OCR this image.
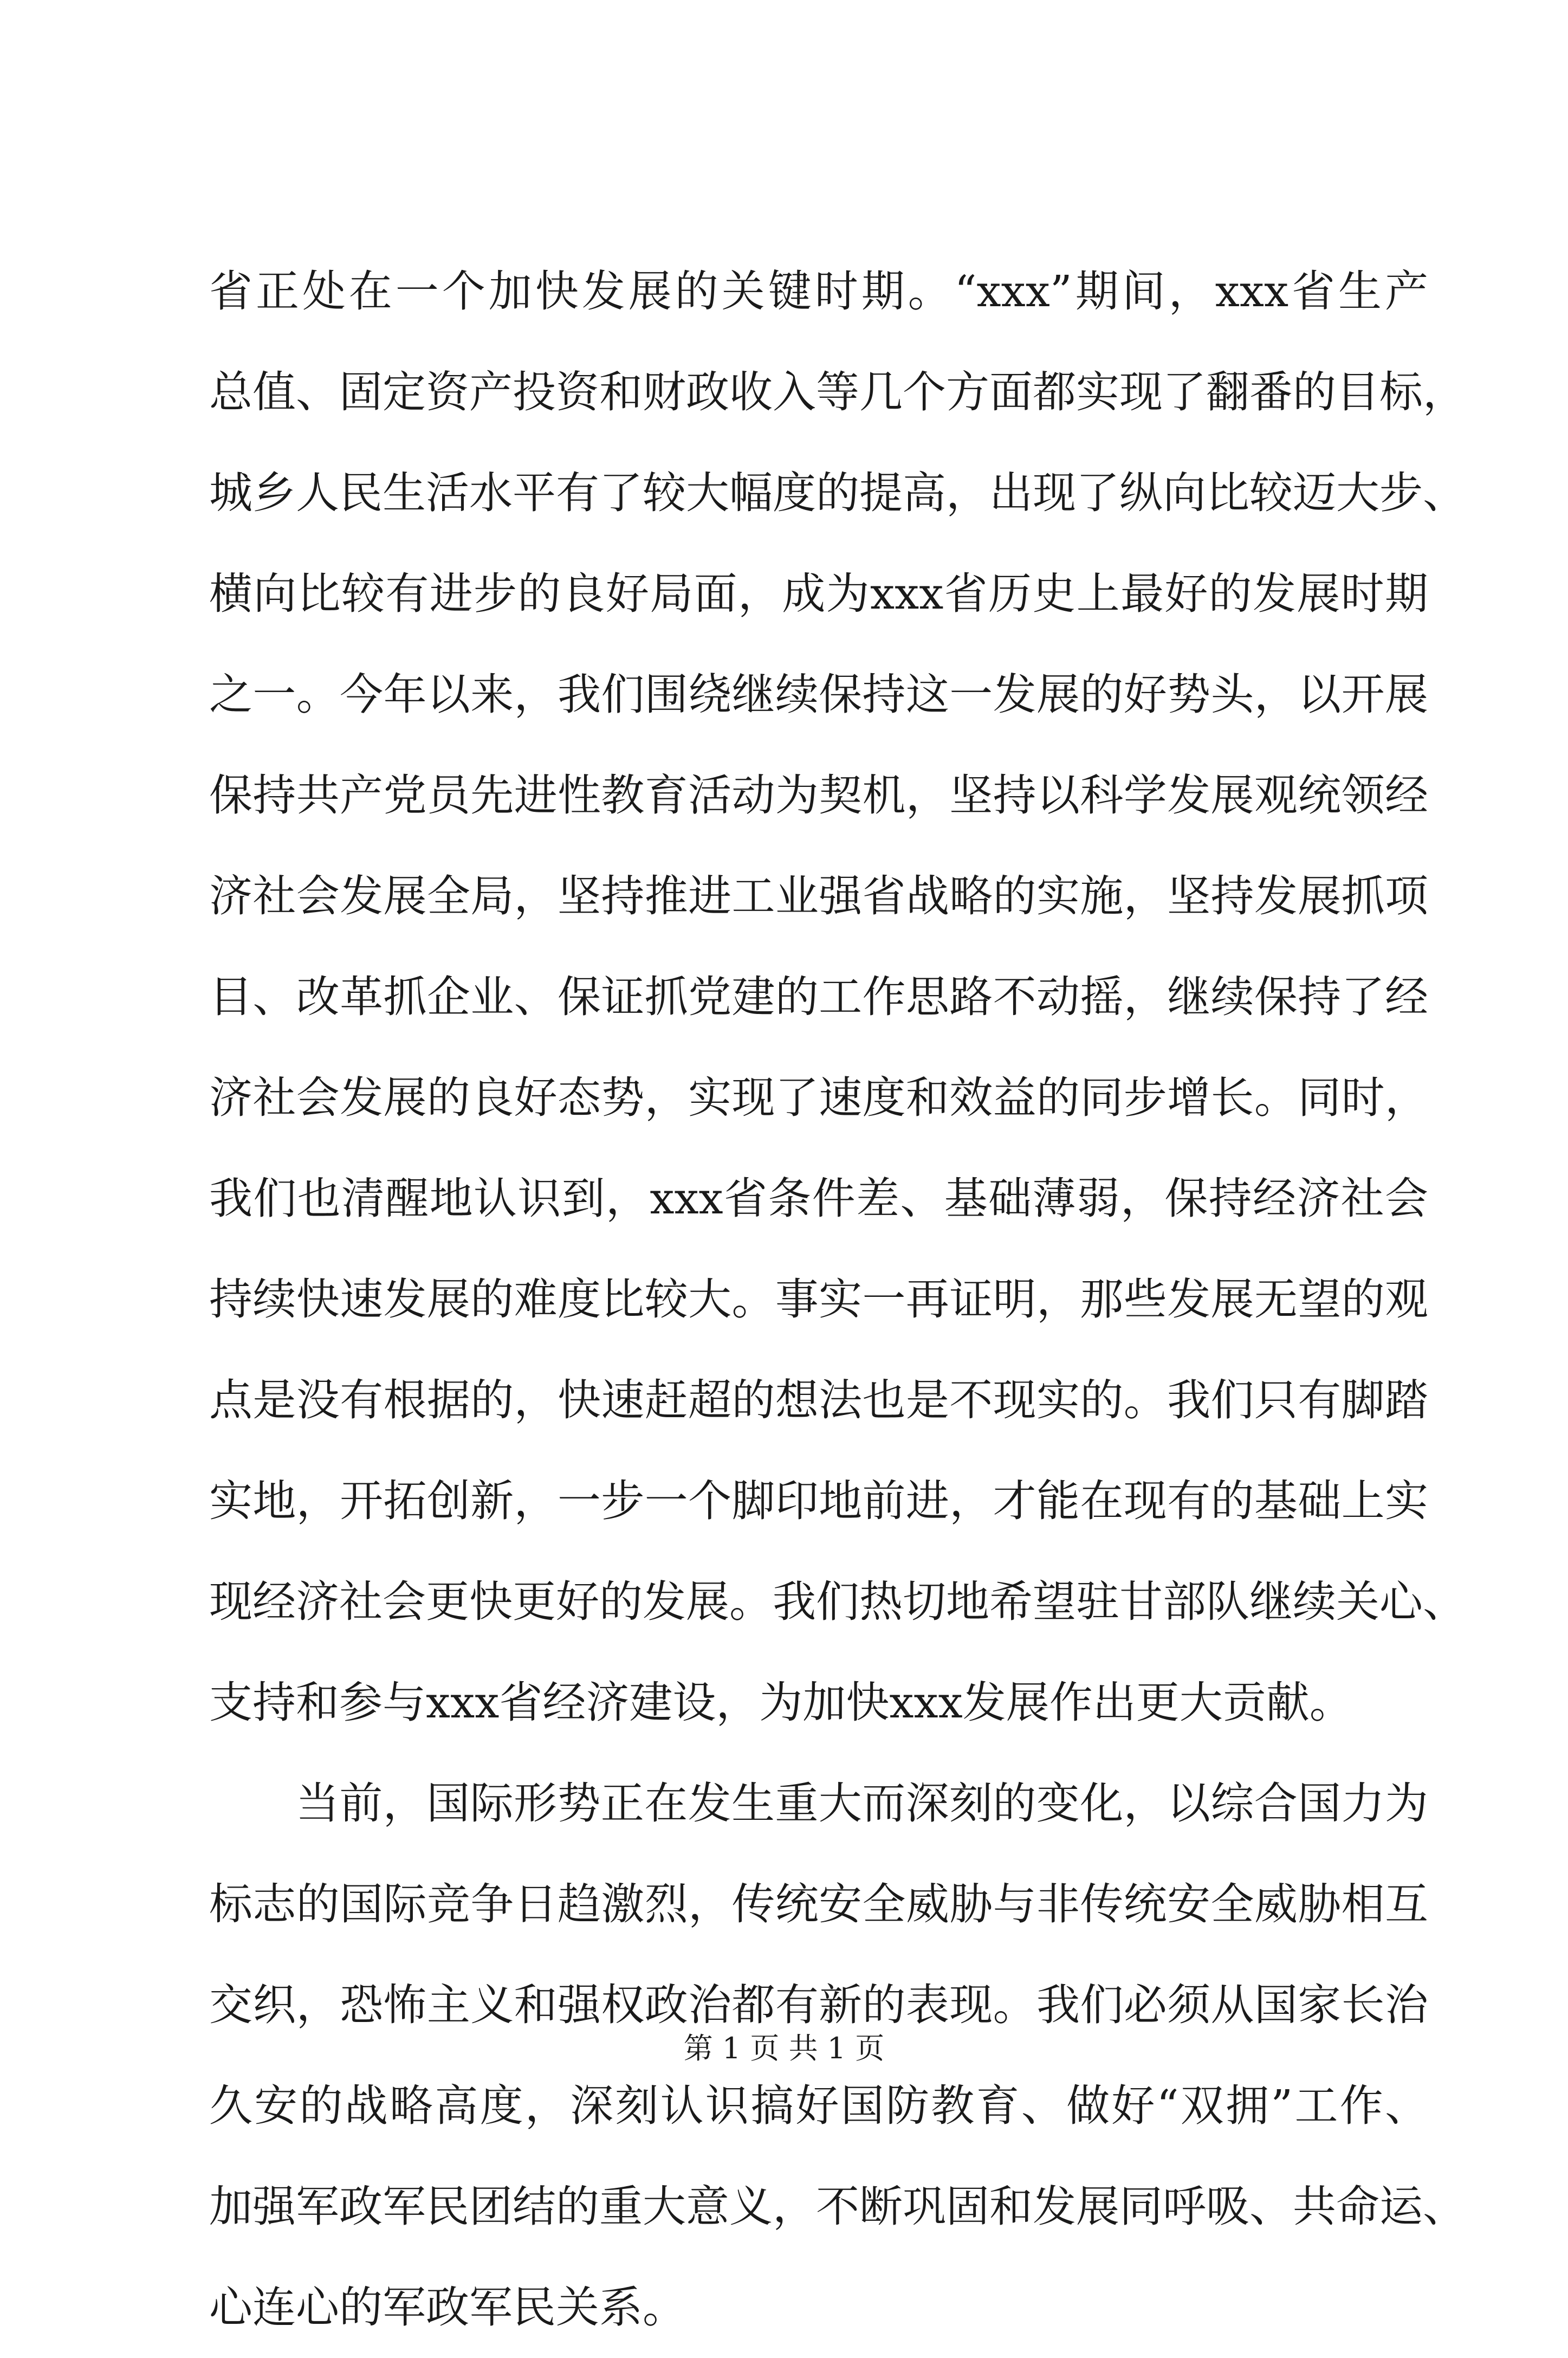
省正处在一个加快发展的关键时期。“xxx”期间，xxx省生产
总值、固定资产投资和财政收入等几个方面都实现了翻番的目标，
城乡人民生活水平有了较大幅度的提高，出现了纵向比较迈大步、
横向比较有进步的良好局面，成为xxx省历史上最好的发展时期
之一。今年以来，我们围绕继续保持这一发展的好势头，以开展
保持共产党员先进性教育活动为契机，坚持以科学发展观统领经
济社会发展全局，坚持推进工业强省战略的实施，坚持发展抓项
目、改革抓企业、保证抓党建的工作思路不动摇，继续保持了经
济社会发展的良好态势，实现了速度和效益的同步增长。同时，
我们也清醒地认识到，xxx省条件差、基础薄弱，保持经济社会
持续快速发展的难度比较大。事实一再证明，那些发展无望的观
点是没有根据的，快速赶超的想法也是不现实的。我们只有脚踏
实地，开拓创新，一步一个脚印地前进，才能在现有的基础上实
现经济社会更快更好的发展。我们热切地希望驻甘部队继续关心、
支持和参与xxx省经济建设，为加快xxx发展作出更大贡献。
当前，国际形势正在发生重大而深刻的变化，以综合国力为
标志的国际竞争日趋激烈，传统安全威胁与非传统安全威胁相互
交织，恐怖主义和强权政治都有新的表现。我们必须从国家长治
久安的战略高度，深刻认识搞好国防教育、做好“双拥”工作、
加强军政军民团结的重大意义，不断巩固和发展同呼吸、共命运、
心连心的军政军民关系。
第 1 页 共 1 页
